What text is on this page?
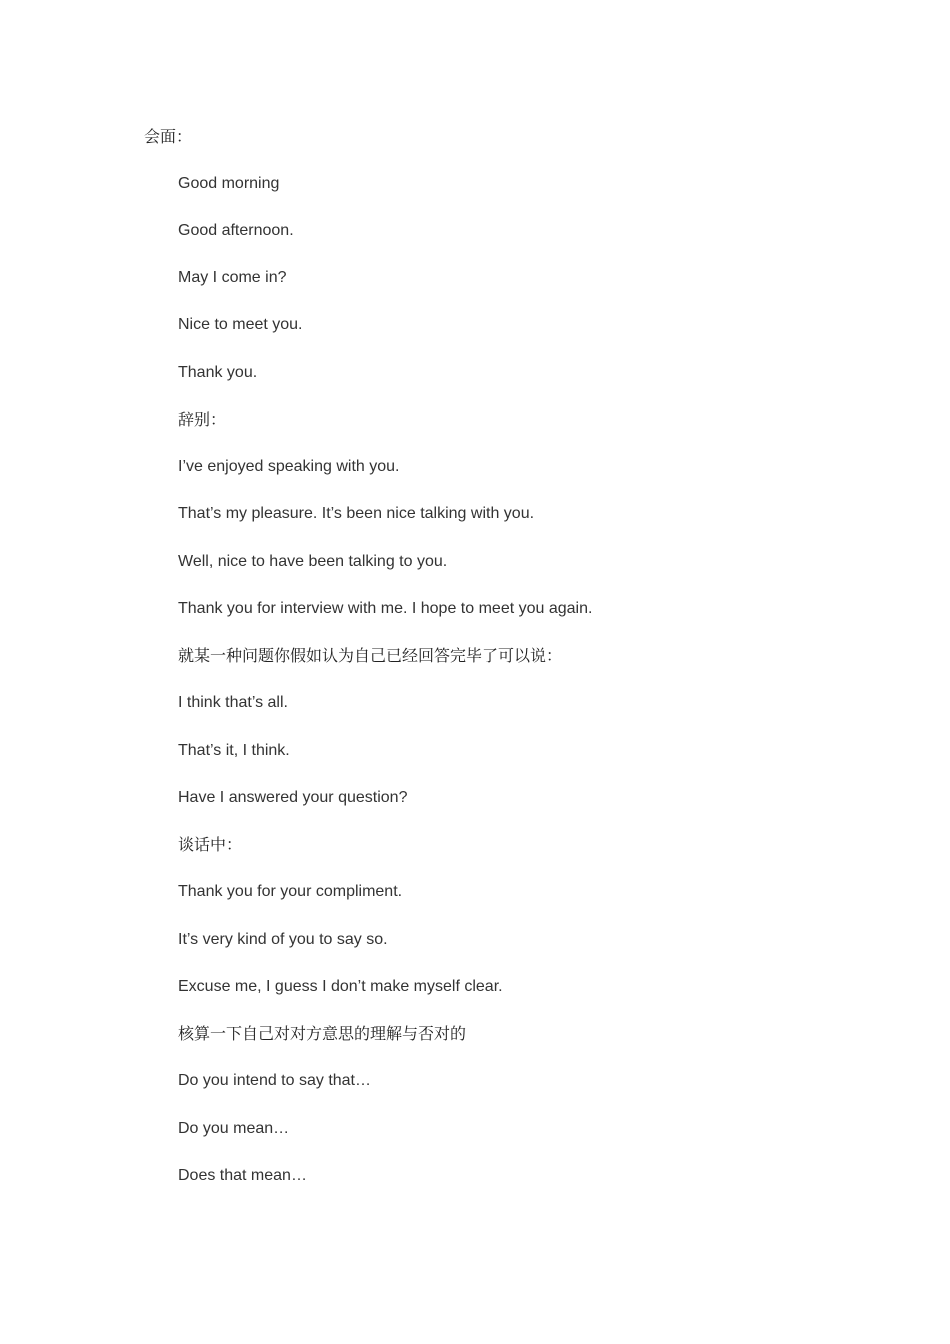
会面：
Good morning
Good afternoon.
May I come in?
Nice to meet you.
Thank you.
辞别：
I’ve enjoyed speaking with you.
That’s my pleasure. It’s been nice talking with you.
Well, nice to have been talking to you.
Thank you for interview with me. I hope to meet you again.
就某一种问题你假如认为自己已经回答完毕了可以说：
I think that’s all.
That’s it, I think.
Have I answered your question?
谈话中：
Thank you for your compliment.
It’s very kind of you to say so.
Excuse me, I guess I don’t make myself clear.
核算一下自己对对方意思的理解与否对的
Do you intend to say that…
Do you mean…
Does that mean…
